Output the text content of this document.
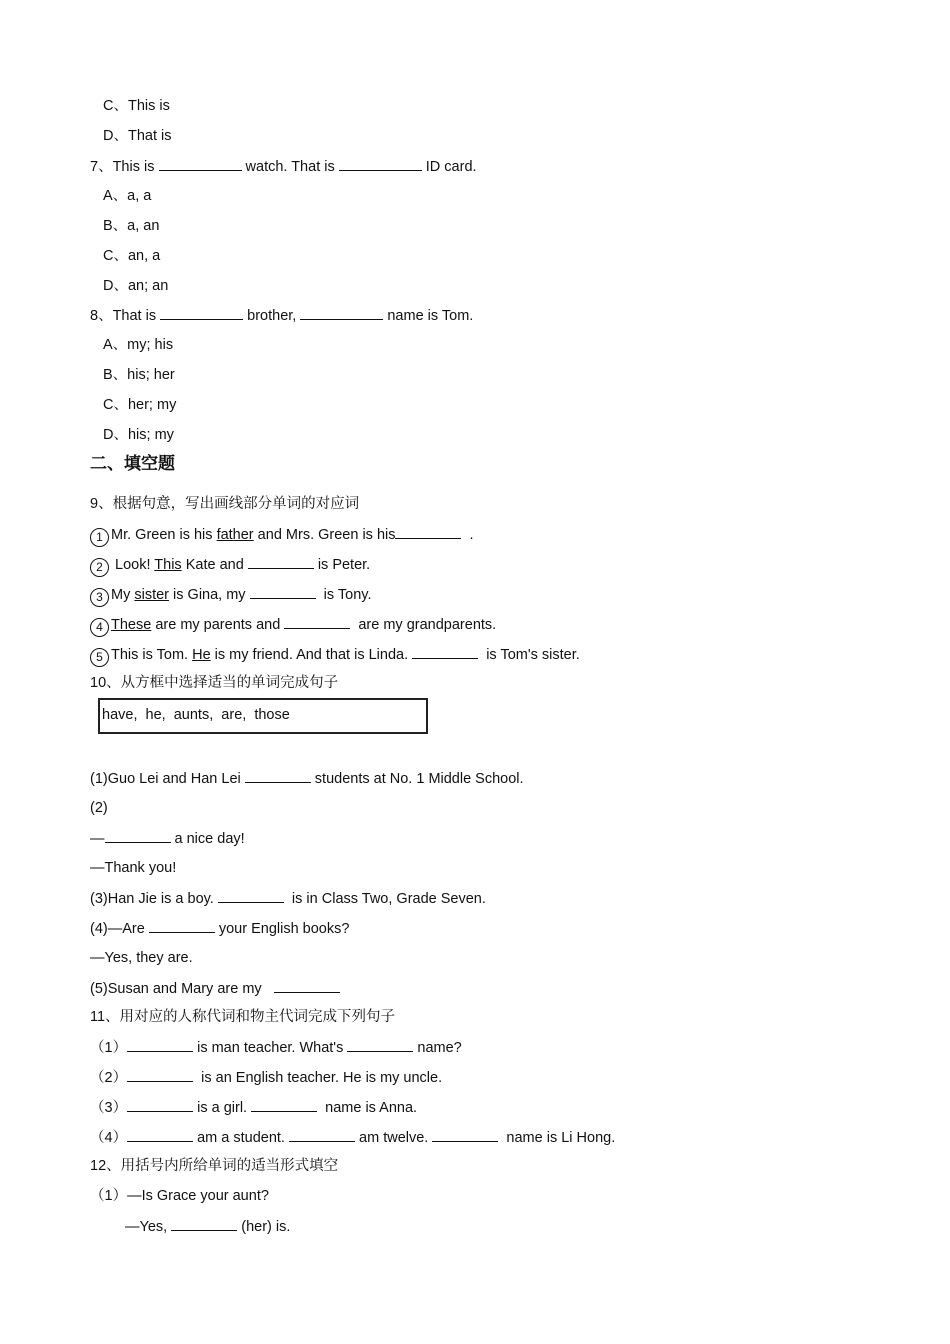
C、This is
D、That is
7、This is	watch. That is	ID card.
A、a, a
B、a, an
C、an, a
D、an; an
8、That is	brother,	name is Tom.
A、my; his
B、his; her
C、her; my
D、his; my
二、填空题
9、根据句意，写出画线部分单词的对应词
1 Mr. Green is his father and Mrs. Green is his	.
2 Look! This Kate and	is Peter.
3 My sister is Gina, my	is Tony.
4 These are my parents and	are my grandparents.
5 This is Tom. He is my friend. And that is Linda.	is Tom's sister.
10、从方框中选择适当的单词完成句子
have,  he,  aunts,  are,  those
(1)Guo Lei and Han Lei	students at No. 1 Middle School.
(2)
—	a nice day!
—Thank you!
(3)Han Jie is a boy.	is in Class Two, Grade Seven.
(4)—Are	your English books?
—Yes, they are.
(5)Susan and Mary are my
11、用对应的人称代词和物主代词完成下列句子
（1）	is man teacher. What's	name?
（2）	is an English teacher. He is my uncle.
（3）	is a girl.	name is Anna.
（4）	am a student.	am twelve.	name is Li Hong.
12、用括号内所给单词的适当形式填空
（1）—Is Grace your aunt?
—Yes,	(her) is.
